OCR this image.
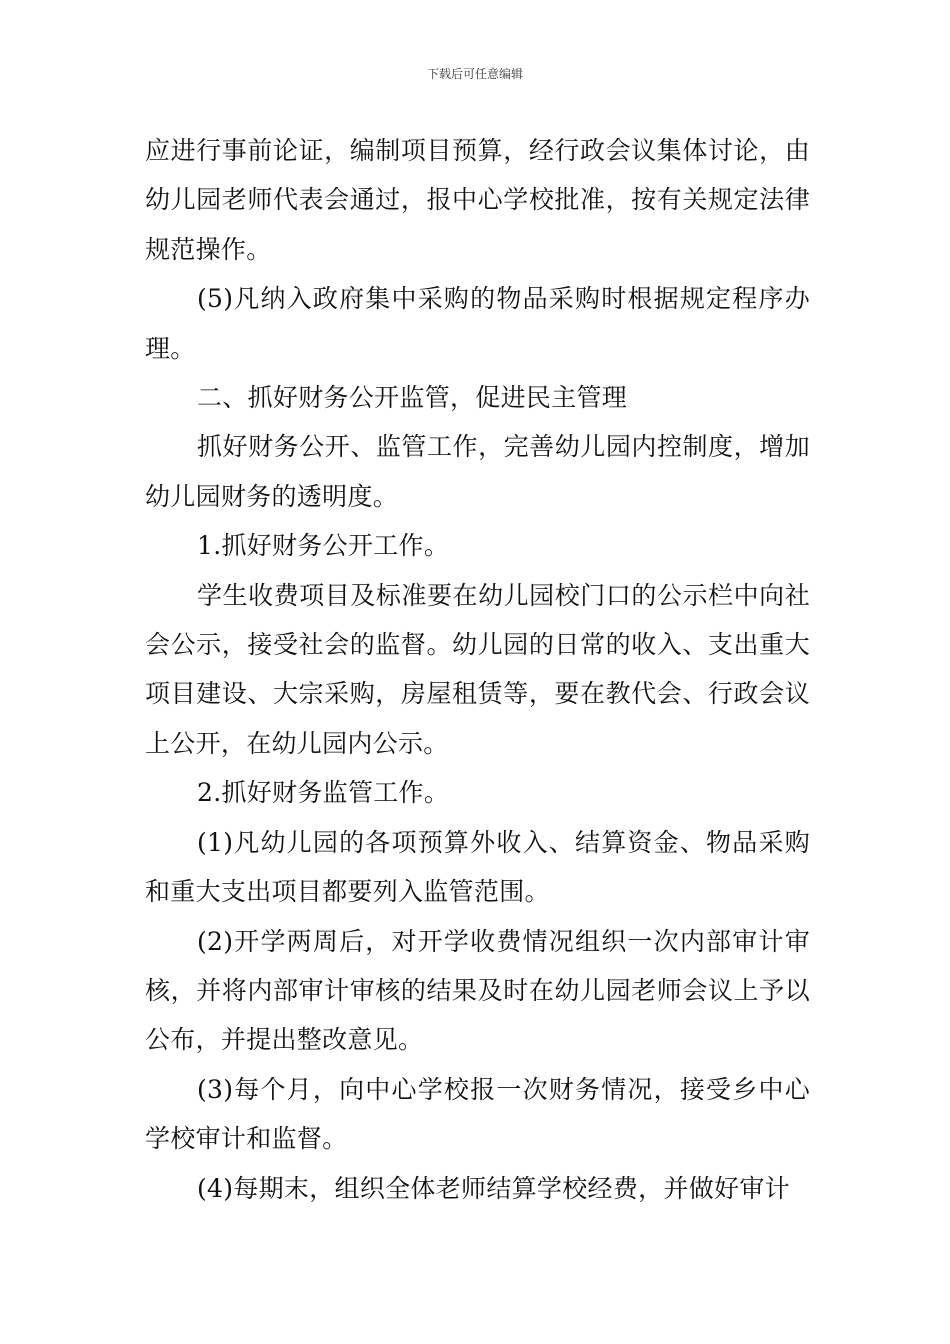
下载后可任意编辑

应进行事前论证，编制项目预算，经行政会议集体讨论，由幼儿园老师代表会通过，报中心学校批准，按有关规定法律规范操作。

(5)凡纳入政府集中采购的物品采购时根据规定程序办理。

二、抓好财务公开监管，促进民主管理

抓好财务公开、监管工作，完善幼儿园内控制度，增加幼儿园财务的透明度。

1.抓好财务公开工作。

学生收费项目及标准要在幼儿园校门口的公示栏中向社会公示，接受社会的监督。幼儿园的日常的收入、支出重大项目建设、大宗采购，房屋租赁等，要在教代会、行政会议上公开，在幼儿园内公示。

2.抓好财务监管工作。

(1)凡幼儿园的各项预算外收入、结算资金、物品采购和重大支出项目都要列入监管范围。

(2)开学两周后，对开学收费情况组织一次内部审计审核，并将内部审计审核的结果及时在幼儿园老师会议上予以公布，并提出整改意见。

(3)每个月，向中心学校报一次财务情况，接受乡中心学校审计和监督。

(4)每期末，组织全体老师结算学校经费，并做好审计
